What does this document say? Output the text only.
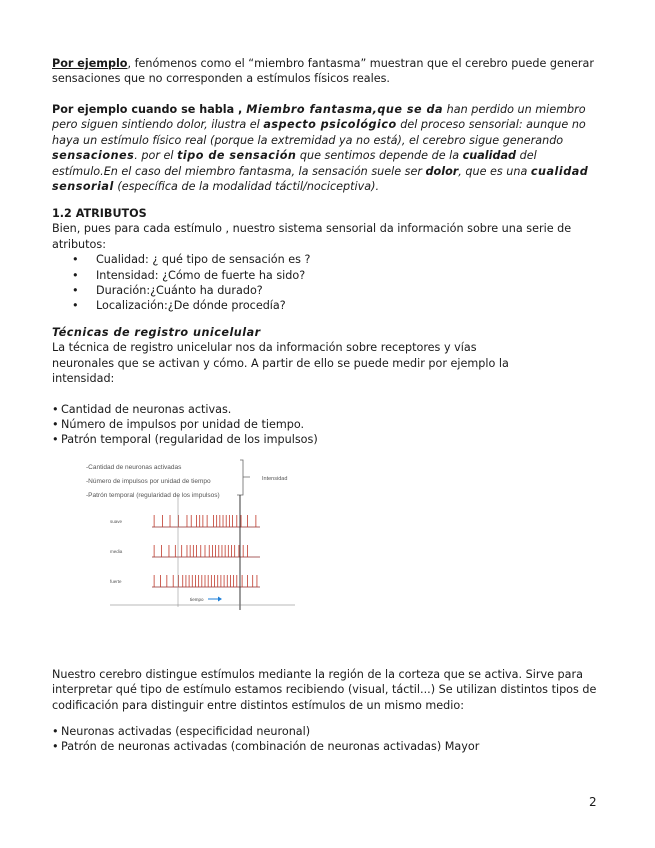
Por ejemplo, fenómenos como el “miembro fantasma” muestran que el cerebro puede generar sensaciones que no corresponden a estímulos físicos reales.

Por ejemplo cuando se habla , Miembro fantasma,que se da han perdido un miembro pero siguen sintiendo dolor, ilustra el aspecto psicológico del proceso sensorial: aunque no haya un estímulo físico real (porque la extremidad ya no está), el cerebro sigue generando sensaciones. por el tipo de sensación que sentimos depende de la cualidad del estímulo.En el caso del miembro fantasma, la sensación suele ser dolor, que es una cualidad sensorial (específica de la modalidad táctil/nociceptiva).

1.2 ATRIBUTOS
Bien, pues para cada estímulo , nuestro sistema sensorial da información sobre una serie de atributos:
• Cualidad: ¿ qué tipo de sensación es ?
• Intensidad: ¿Cómo de fuerte ha sido?
• Duración:¿Cuánto ha durado?
• Localización:¿De dónde procedía?
Técnicas de registro unicelular
La técnica de registro unicelular nos da información sobre receptores y vías neuronales que se activan y cómo. A partir de ello se puede medir por ejemplo la intensidad:
• Cantidad de neuronas activas.
• Número de impulsos por unidad de tiempo.
• Patrón temporal (regularidad de los impulsos)
-Cantidad de neuronas activadas
-Número de impulsos por unidad de tiempo
-Patrón temporal (regularidad de los impulsos)
Intensidad
suave
media
fuerte
tiempo

Nuestro cerebro distingue estímulos mediante la región de la corteza que se activa. Sirve para interpretar qué tipo de estímulo estamos recibiendo (visual, táctil...) Se utilizan distintos tipos de codificación para distinguir entre distintos estímulos de un mismo medio:

• Neuronas activadas (especificidad neuronal)
• Patrón de neuronas activadas (combinación de neuronas activadas) Mayor
2
